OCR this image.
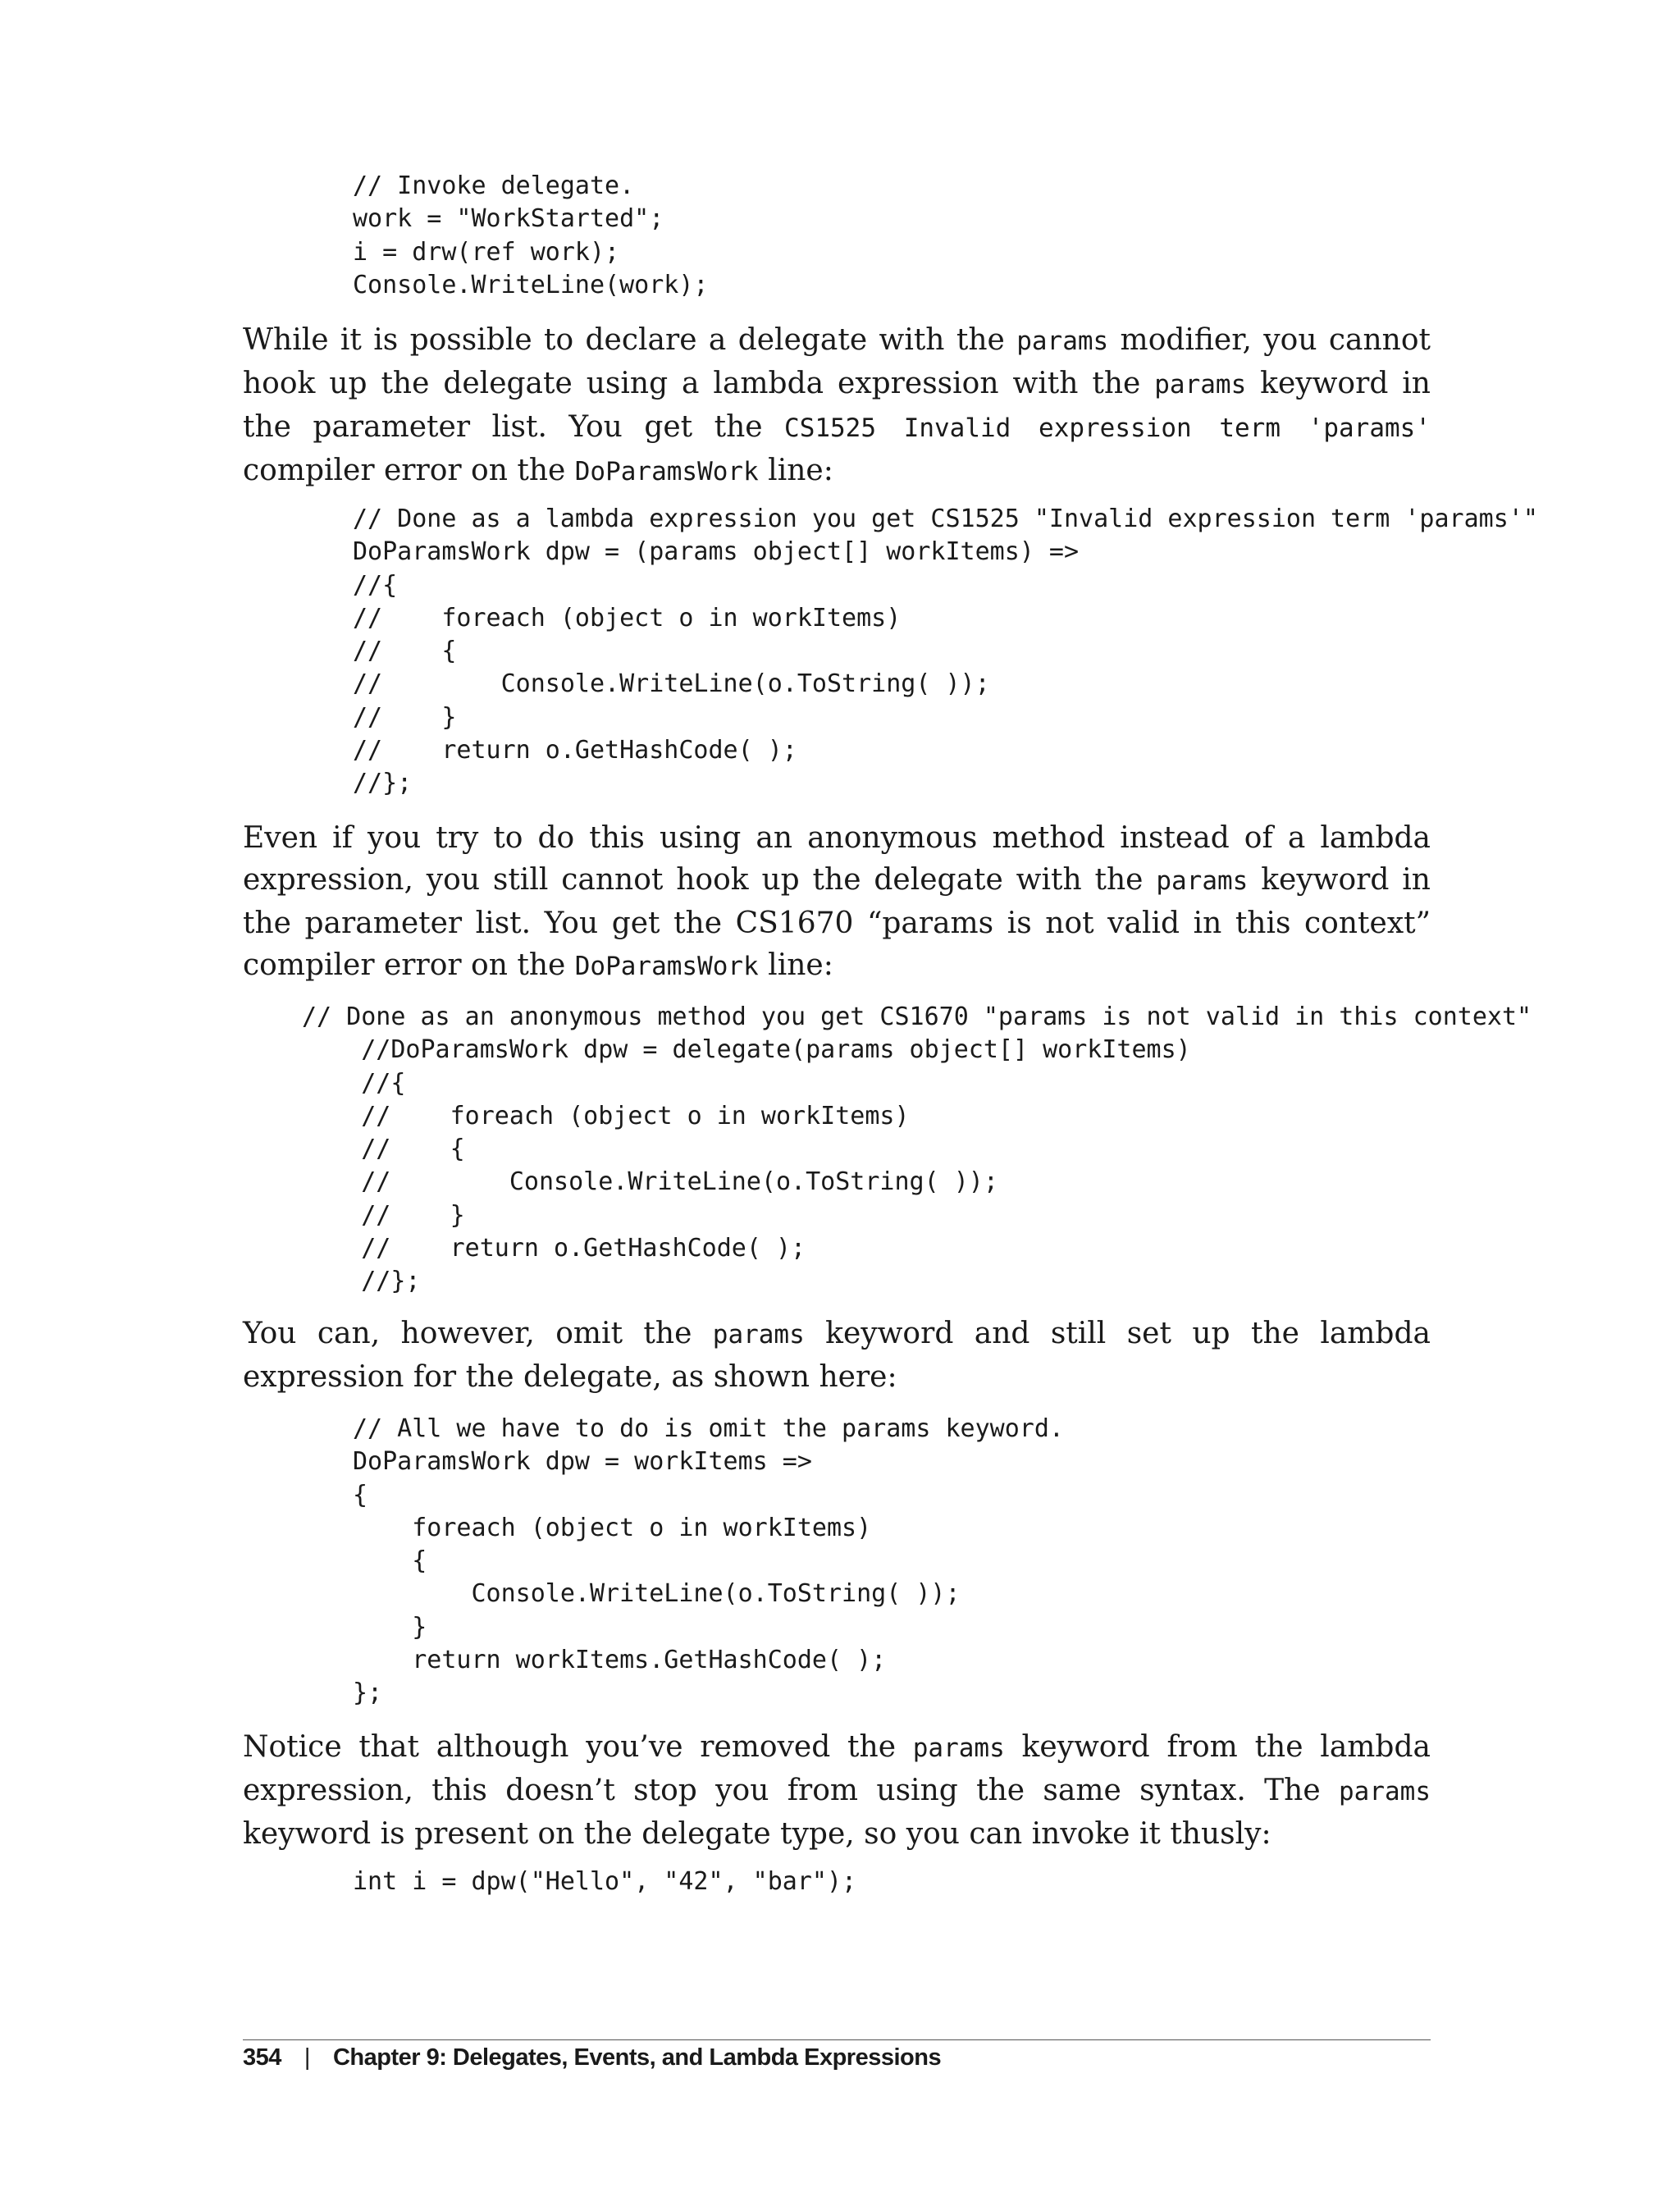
// Invoke delegate.
work = "WorkStarted";
i = drw(ref work);
Console.WriteLine(work);

While it is possible to declare a delegate with the params modifier, you cannot hook up the delegate using a lambda expression with the params keyword in the parameter list. You get the CS1525 Invalid expression term 'params' compiler error on the DoParamsWork line:

// Done as a lambda expression you get CS1525 "Invalid expression term 'params'"
DoParamsWork dpw = (params object[] workItems) =>
//{
//    foreach (object o in workItems)
//    {
//        Console.WriteLine(o.ToString( ));
//    }
//    return o.GetHashCode( );
//};

Even if you try to do this using an anonymous method instead of a lambda expression, you still cannot hook up the delegate with the params keyword in the parameter list. You get the CS1670 “params is not valid in this context” compiler error on the DoParamsWork line:

// Done as an anonymous method you get CS1670 "params is not valid in this context"
//DoParamsWork dpw = delegate(params object[] workItems)
//{
//    foreach (object o in workItems)
//    {
//        Console.WriteLine(o.ToString( ));
//    }
//    return o.GetHashCode( );
//};

You can, however, omit the params keyword and still set up the lambda expression for the delegate, as shown here:

// All we have to do is omit the params keyword.
DoParamsWork dpw = workItems =>
{
foreach (object o in workItems)
{
Console.WriteLine(o.ToString( ));
}
return workItems.GetHashCode( );
};

Notice that although you’ve removed the params keyword from the lambda expression, this doesn’t stop you from using the same syntax. The params keyword is present on the delegate type, so you can invoke it thusly:

int i = dpw("Hello", "42", "bar");
354 | Chapter 9: Delegates, Events, and Lambda Expressions
